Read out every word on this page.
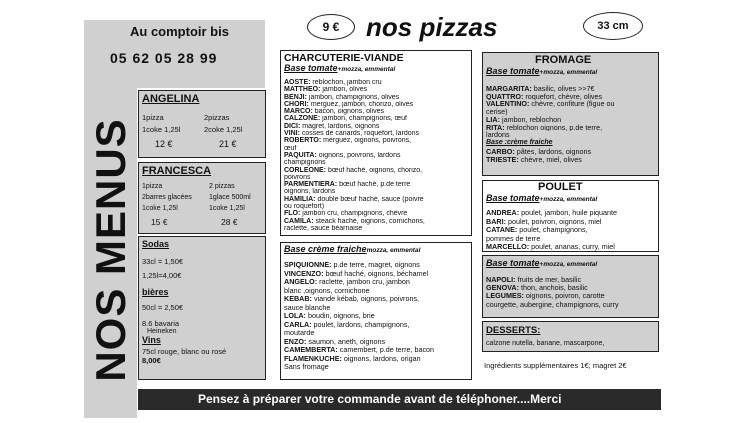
NOS MENUS
Au comptoir bis
05 62 05 28 99
9 €	nos pizzas	33 cm
ANGELINA
1pizza
1coke 1,25l
12 €
2pizzas
2coke 1,25l
21 €
FRANCESCA
1pizza
2barres glacées
1coke 1,25l
15 €
2 pizzas
1glace 500ml
1coke 1,25l
28 €
Sodas
33cl = 1,50€
1,25l=4,00€
bières
50cl = 2,50€
8.6 bavaria
Heineken
Vins
75cl rouge, blanc ou rosé
8,00€
CHARCUTERIE-VIANDE
Base tomate+mozza, emmental
AOSTE: reblochon, jambon cru
MATTHEO: jambon, olives
BENJI: jambon, champignons, olives
CHORI: merguez, jambon, chorizo, olives
MARCO: bacon, oignons, olives
CALZONE: jambon, champignons, œuf
DICI: magret, lardons, oignons
VINI: cosses de canards, roquefort, lardons
ROBERTO: merguez, oignons, poivrons,
œuf
PAQUITA: oignons, poivrons, lardons
champignons
CORLEONE: bœuf haché, oignons, chorizo,
poivrons
PARMENTIERA: bœuf haché, p.de terre
oignons, lardons
HAMILIA: double bœuf haché, sauce (poivre
ou roquefort)
FLO: jambon cru, champignons, chèvre
CAMILA: steack haché, oignons, cornichons,
raclette, sauce béarnaise
Base crème fraichemozza, emmental
SPIQUIONNE: p.de terre, magret, oignons
VINCENZO: bœuf haché, oignons, béchamel
ANGELO: raclette, jambon cru, jambon
blanc ,oignons, cornichone
KEBAB: viande kébab, oignons, poivrons,
sauce blanche
LOLA: boudin, oignons, brie
CARLA: poulet, lardons, champignons,
moutarde
ENZO: saumon, aneth, oignons
CAMEMBERTA: camembert, p.de terre, bacon
FLAMENKUCHE: oignons, lardons, origan
Sans fromage
FROMAGE
Base tomate+mozza, emmental
MARGARITA: basilic, olives >>7€
QUATTRO: roquefort, chèvre, olives
VALENTINO: chèvre, confiture (figue ou
cerise)
LIA: jambon, reblochon
RITA: reblochon oignons, p.de terre,
lardons
Base :crème fraiche
CARBO: pâtes, lardons, oignons
TRIESTE: chèvre, miel, olives
POULET
Base tomate+mozza, emmental
ANDREA: poulet, jambon, huile piquante
BARI: poulet, poivron, oignons, miel
CATANE: poulet, champignons,
pommes de terre
MARCELLO: poulet, ananas, curry, miel
Base tomate+mozza, emmental
NAPOLI: fruits de mer, basilic
GENOVA: thon, anchois, basilic
LEGUMES: oignons, poivron, carotte
courgette, aubergine, champignons, curry
DESSERTS:
calzone nutella, banane, mascarpone,
Ingrédients supplémentaires 1€; magret 2€
Pensez à préparer votre commande avant de téléphoner....Merci
